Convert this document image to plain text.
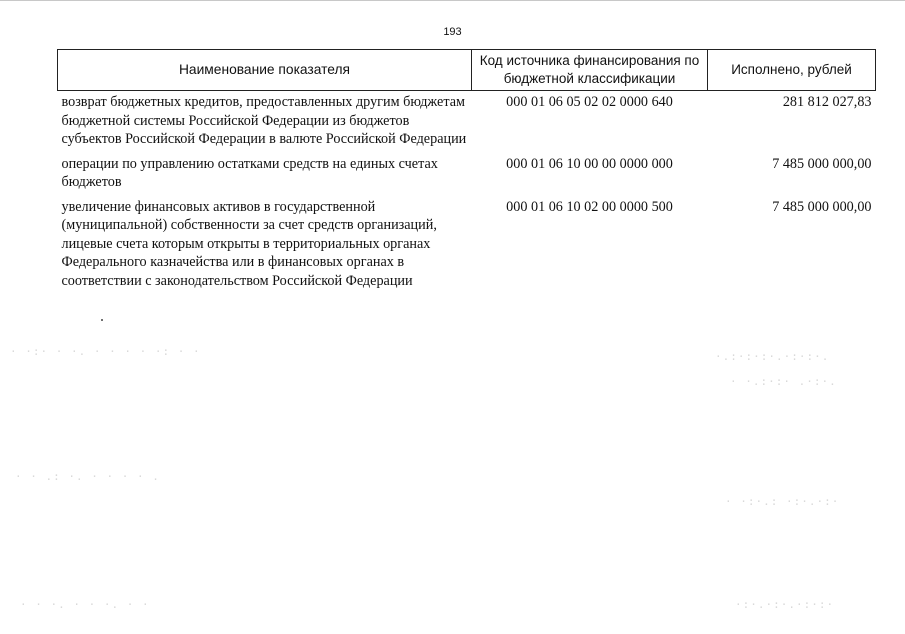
193
Наименование показателя	Код источника финансирования по бюджетной классификации	Исполнено, рублей
возврат бюджетных кредитов, предоставленных другим бюджетам бюджетной системы Российской Федерации из бюджетов субъектов Российской Федерации в валюте Российской Федерации	000 01 06 05 02 02 0000 640	281 812 027,83
операции по управлению остатками средств на единых счетах бюджетов	000 01 06 10 00 00 0000 000	7 485 000 000,00
увеличение финансовых активов в государственной (муниципальной) собственности за счет средств организаций, лицевые счета которым открыты в территориальных органах Федерального казначейства или в финансовых органах в соответствии с законодательством Российской Федерации	000 01 06 10 02 00 0000 500	7 485 000 000,00
· ·:· · ·. · · · · ·: · ·	·.:·:·:·.·:·:·.
· ·.:·:· .·:·.
· · .: ·. · · · · .
· ·:·.: ·:·.·:·
· · ·. · · ·. · ·	·:·.·:·.·:·:·
